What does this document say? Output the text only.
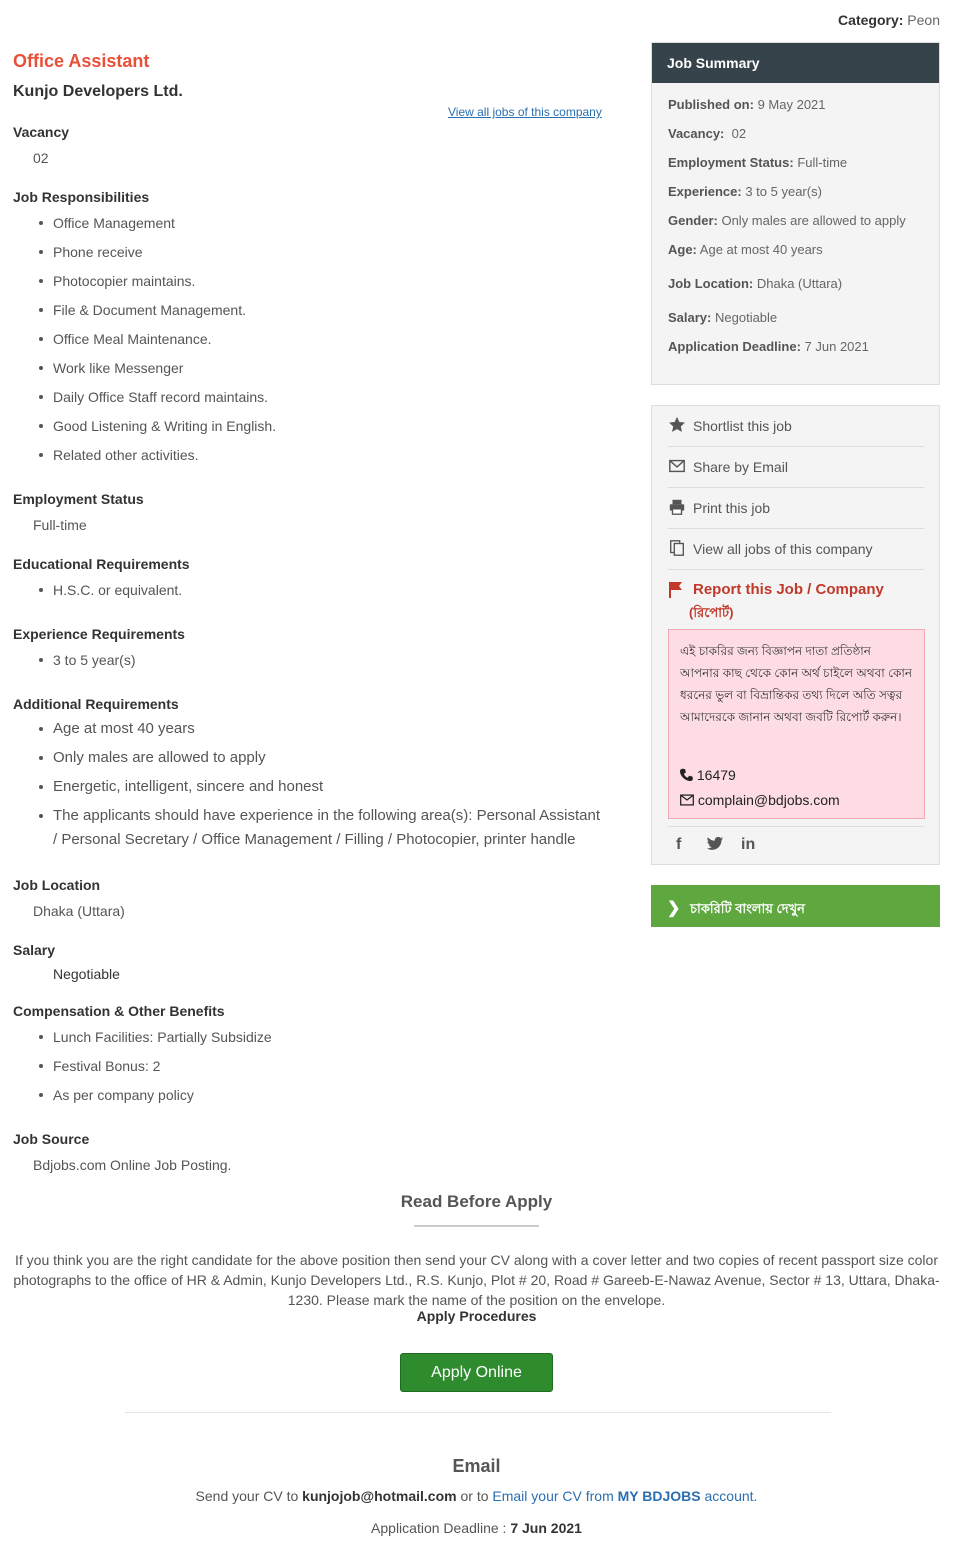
Category: Peon
Office Assistant
Kunjo Developers Ltd.
View all jobs of this company
Vacancy
02
Job Responsibilities
Office Management
Phone receive
Photocopier maintains.
File & Document Management.
Office Meal Maintenance.
Work like Messenger
Daily Office Staff record maintains.
Good Listening & Writing in English.
Related other activities.
Employment Status
Full-time
Educational Requirements
H.S.C. or equivalent.
Experience Requirements
3 to 5 year(s)
Additional Requirements
Age at most 40 years
Only males are allowed to apply
Energetic, intelligent, sincere and honest
The applicants should have experience in the following area(s): Personal Assistant / Personal Secretary / Office Management / Filling / Photocopier, printer handle
Job Location
Dhaka (Uttara)
Salary
Negotiable
Compensation & Other Benefits
Lunch Facilities: Partially Subsidize
Festival Bonus: 2
As per company policy
Job Source
Bdjobs.com Online Job Posting.
Job Summary
Published on: 9 May 2021
Vacancy: 02
Employment Status: Full-time
Experience: 3 to 5 year(s)
Gender: Only males are allowed to apply
Age: Age at most 40 years
Job Location: Dhaka (Uttara)
Salary: Negotiable
Application Deadline: 7 Jun 2021
Shortlist this job
Share by Email
Print this job
View all jobs of this company
Report this Job / Company
(রিপোর্ট)
এই চাকরির জন্য বিজ্ঞাপন দাতা প্রতিষ্ঠান আপনার কাছ থেকে কোন অর্থ চাইলে অথবা কোন ধরনের ভুল বা বিভ্রান্তিকর তথ্য দিলে অতি সত্বর আমাদেরকে জানান অথবা জবটি রিপোর্ট করুন।
16479
complain@bdjobs.com
f	in
❯ চাকরিটি বাংলায় দেখুন
Read Before Apply
If you think you are the right candidate for the above position then send your CV along with a cover letter and two copies of recent passport size color photographs to the office of HR & Admin, Kunjo Developers Ltd., R.S. Kunjo, Plot # 20, Road # Gareeb-E-Nawaz Avenue, Sector # 13, Uttara, Dhaka-1230. Please mark the name of the position on the envelope.
Apply Procedures
Apply Online
Email
Send your CV to kunjojob@hotmail.com or to Email your CV from MY BDJOBS account.
Application Deadline : 7 Jun 2021
